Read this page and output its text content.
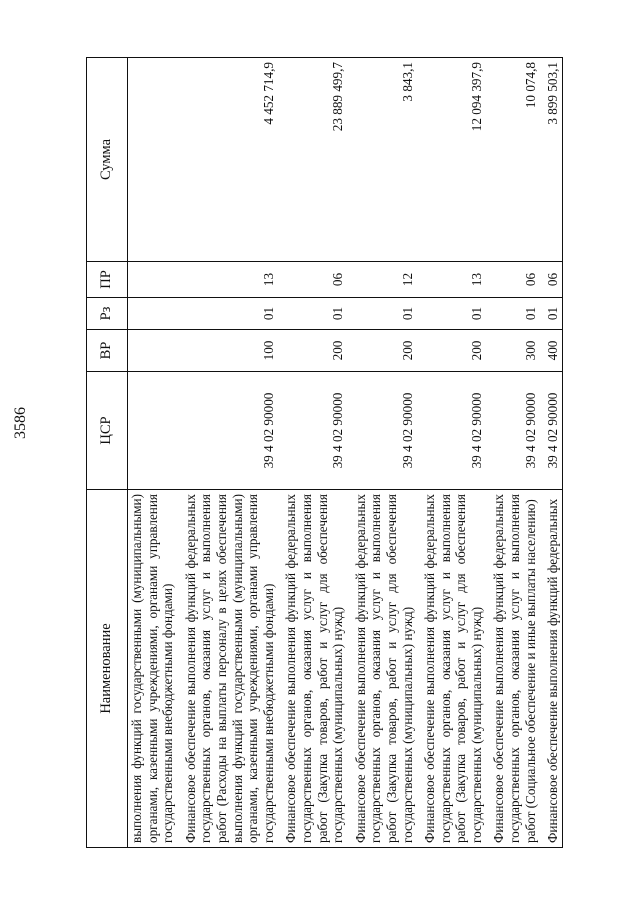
3586
Наименование	ЦСР	ВР	Рз	ПР	Сумма
выполнения функций государственными (муниципальными) органами, казенными учреждениями, органами управления государственными внебюджетными фондами)					
Финансовое обеспечение выполнения функций федеральных государственных органов, оказания услуг и выполнения работ (Расходы на выплаты персоналу в целях обеспечения выполнения функций государственными (муниципальными) органами, казенными учреждениями, органами управления государственными внебюджетными фондами)	39 4 02 90000	100	01	13	4 452 714,9
Финансовое обеспечение выполнения функций федеральных государственных органов, оказания услуг и выполнения работ (Закупка товаров, работ и услуг для обеспечения государственных (муниципальных) нужд)	39 4 02 90000	200	01	06	23 889 499,7
Финансовое обеспечение выполнения функций федеральных государственных органов, оказания услуг и выполнения работ (Закупка товаров, работ и услуг для обеспечения государственных (муниципальных) нужд)	39 4 02 90000	200	01	12	3 843,1
Финансовое обеспечение выполнения функций федеральных государственных органов, оказания услуг и выполнения работ (Закупка товаров, работ и услуг для обеспечения государственных (муниципальных) нужд)	39 4 02 90000	200	01	13	12 094 397,9
Финансовое обеспечение выполнения функций федеральных государственных органов, оказания услуг и выполнения работ (Социальное обеспечение и иные выплаты населению)	39 4 02 90000	300	01	06	10 074,8
Финансовое обеспечение выполнения функций федеральных	39 4 02 90000	400	01	06	3 899 503,1
